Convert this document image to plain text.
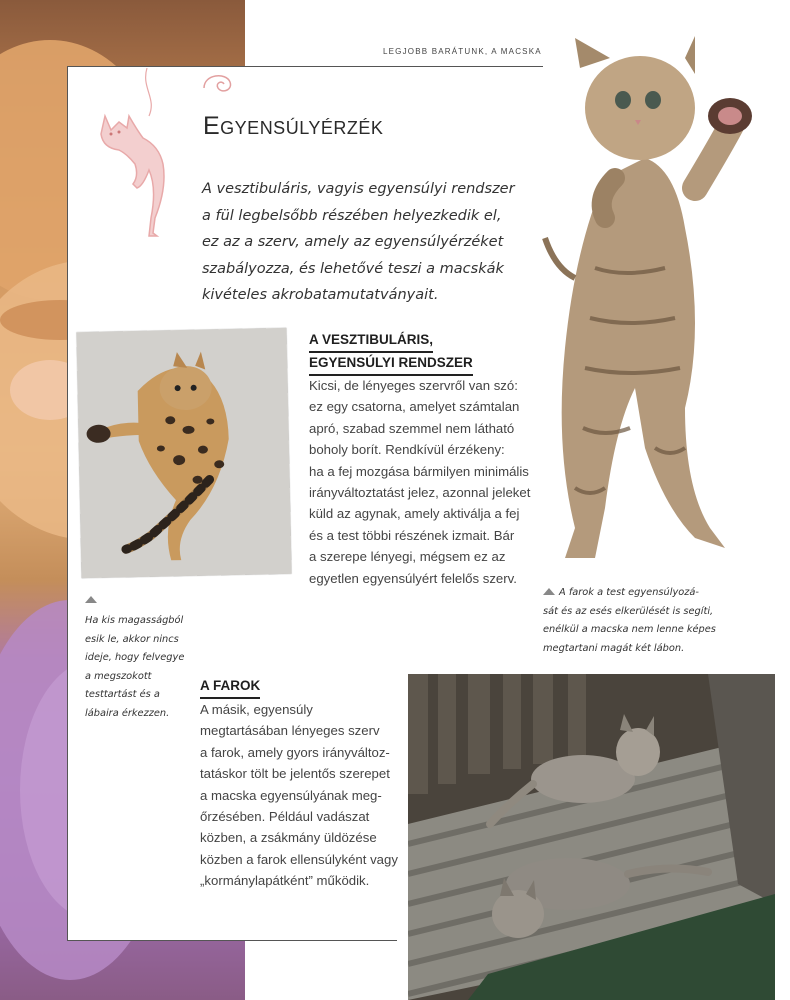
LEGJOBB BARÁTUNK, A MACSKA
Egyensúlyérzék

A vesztibuláris, vagyis egyensúlyi rendszer
a fül legbelsőbb részében helyezkedik el,
ez az a szerv, amely az egyensúlyérzéket
szabályozza, és lehetővé teszi a macskák
kivételes akrobatamutatványait.

Ha kis magasságból
esik le, akkor nincs
ideje, hogy felvegye
a megszokott
testtartást és a
lábaira érkezzen.

A VESZTIBULÁRIS,
EGYENSÚLYI RENDSZER

Kicsi, de lényeges szervről van szó:
ez egy csatorna, amelyet számtalan
apró, szabad szemmel nem látható
boholy borít. Rendkívül érzékeny:
ha a fej mozgása bármilyen minimális
irányváltoztatást jelez, azonnal jeleket
küld az agynak, amely aktiválja a fej
és a test többi részének izmait. Bár
a szerepe lényegi, mégsem ez az
egyetlen egyensúlyért felelős szerv.

A farok a test egyensúlyozá-
sát és az esés elkerülését is segíti,
enélkül a macska nem lenne képes
megtartani magát két lábon.

A FAROK

A másik, egyensúly
megtartásában lényeges szerv
a farok, amely gyors irányváltoz-
tatáskor tölt be jelentős szerepet
a macska egyensúlyának meg-
őrzésében. Például vadászat
közben, a zsákmány üldözése
közben a farok ellensúlyként vagy
„kormánylapátként” működik.
